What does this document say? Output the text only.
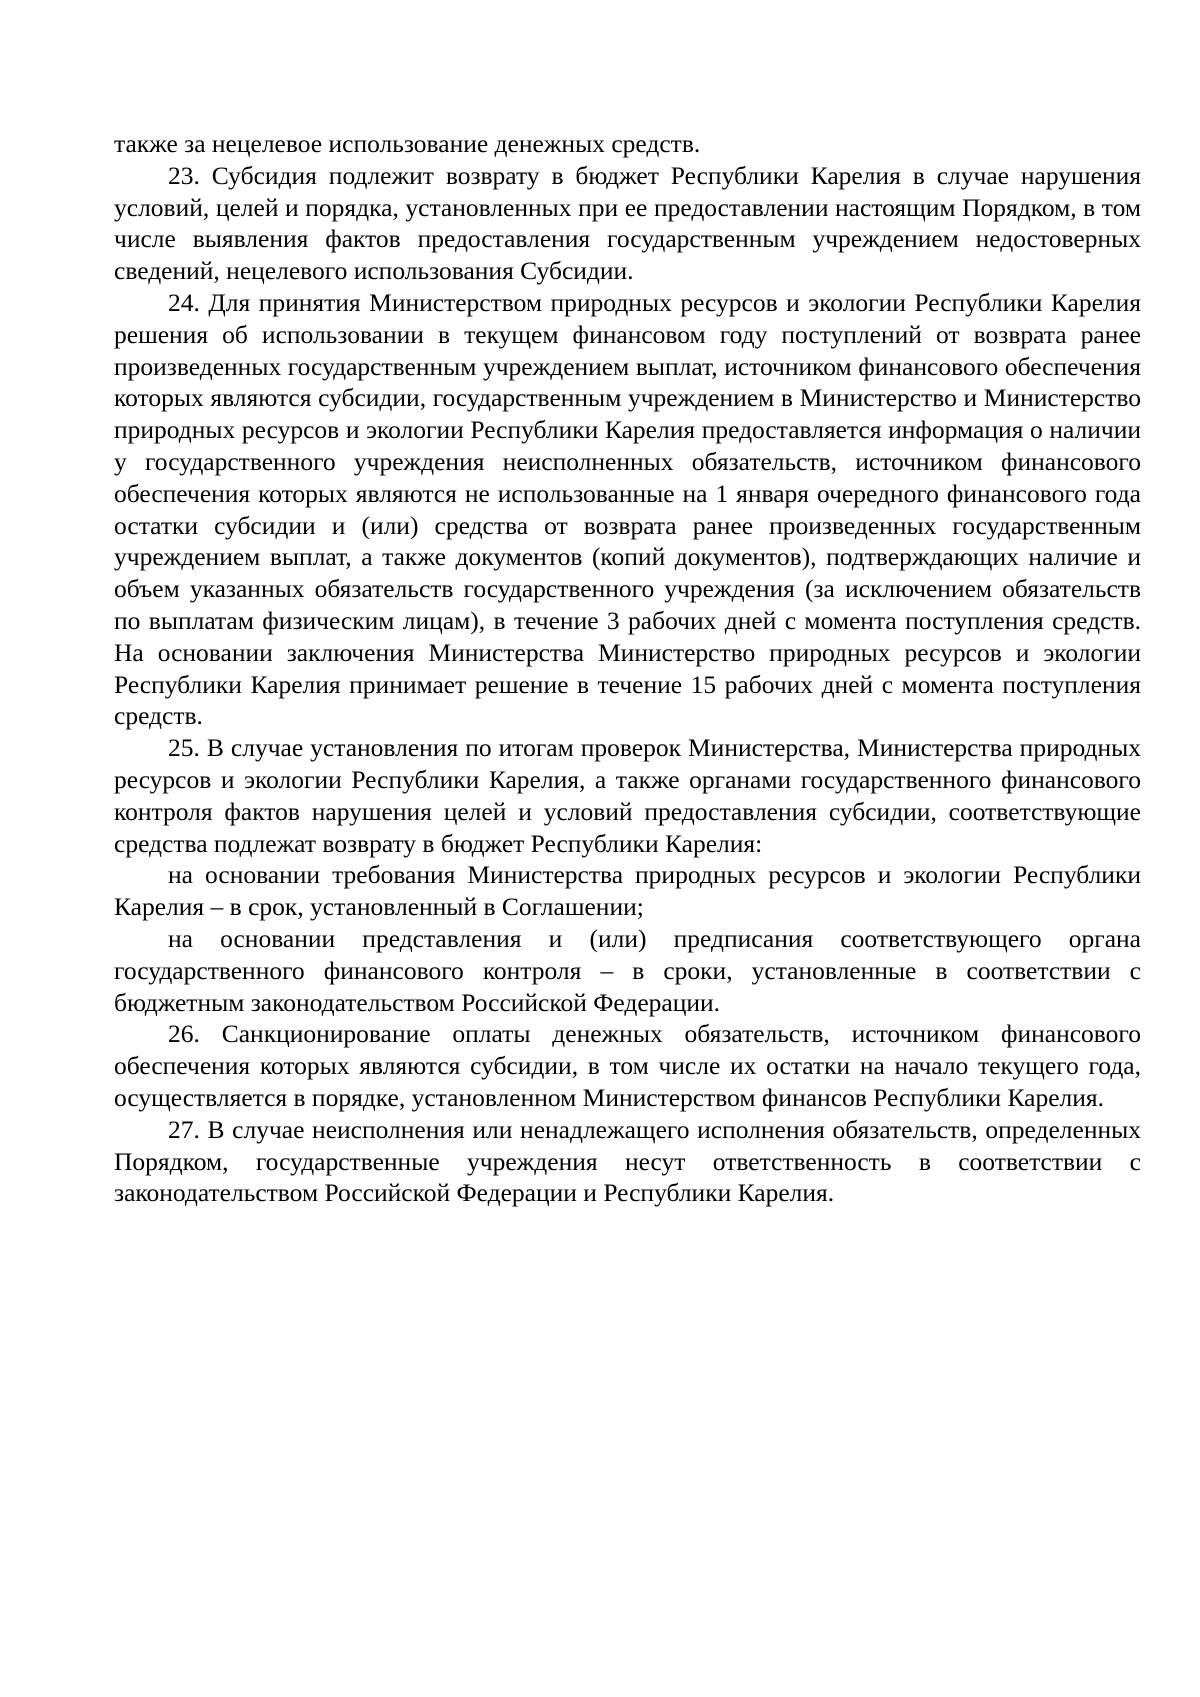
также за нецелевое использование денежных средств.

23. Субсидия подлежит возврату в бюджет Республики Карелия в случае нарушения условий, целей и порядка, установленных при ее предоставлении настоящим Порядком, в том числе выявления фактов предоставления государственным учреждением недостоверных сведений, нецелевого использования Субсидии.

24. Для принятия Министерством природных ресурсов и экологии Республики Карелия решения об использовании в текущем финансовом году поступлений от возврата ранее произведенных государственным учреждением выплат, источником финансового обеспечения которых являются субсидии, государственным учреждением в Министерство и Министерство природных ресурсов и экологии Республики Карелия предоставляется информация о наличии у государственного учреждения неисполненных обязательств, источником финансового обеспечения которых являются не использованные на 1 января очередного финансового года остатки субсидии и (или) средства от возврата ранее произведенных государственным учреждением выплат, а также документов (копий документов), подтверждающих наличие и объем указанных обязательств государственного учреждения (за исключением обязательств по выплатам физическим лицам), в течение 3 рабочих дней с момента поступления средств. На основании заключения Министерства Министерство природных ресурсов и экологии Республики Карелия принимает решение в течение 15 рабочих дней с момента поступления средств.

25. В случае установления по итогам проверок Министерства, Министерства природных ресурсов и экологии Республики Карелия, а также органами государственного финансового контроля фактов нарушения целей и условий предоставления субсидии, соответствующие средства подлежат возврату в бюджет Республики Карелия:

на основании требования Министерства природных ресурсов и экологии Республики Карелия – в срок, установленный в Соглашении;

на основании представления и (или) предписания соответствующего органа государственного финансового контроля – в сроки, установленные в соответствии с бюджетным законодательством Российской Федерации.

26. Санкционирование оплаты денежных обязательств, источником финансового обеспечения которых являются субсидии, в том числе их остатки на начало текущего года, осуществляется в порядке, установленном Министерством финансов Республики Карелия.

27. В случае неисполнения или ненадлежащего исполнения обязательств, определенных Порядком, государственные учреждения несут ответственность в соответствии с законодательством Российской Федерации и Республики Карелия.
